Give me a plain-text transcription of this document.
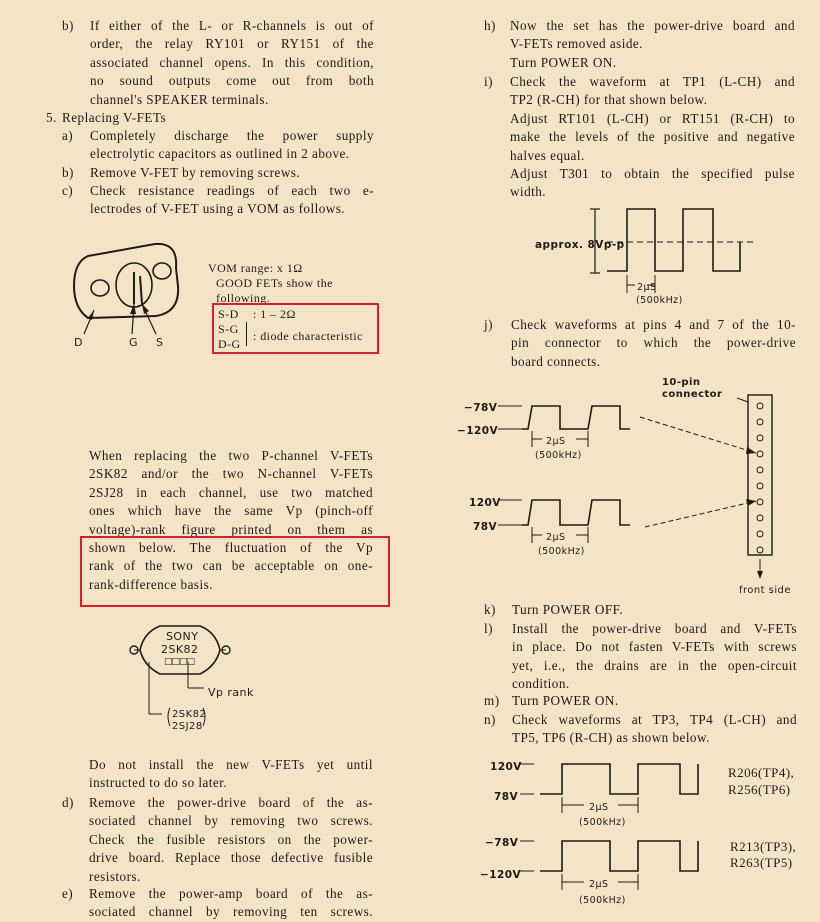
b) If either of the L- or R-channels is out of
order, the relay RY101 or RY151 of the
associated channel opens. In this condition,
no sound outputs come out from both
channel's SPEAKER terminals.
5. Replacing V-FETs
a) Completely discharge the power supply
electrolytic capacitors as outlined in 2 above.
b) Remove V-FET by removing screws.
c) Check resistance readings of each two e-
lectrodes of V-FET using a VOM as follows.
D	G S
VOM range: x 1Ω
GOOD FETs show the
following.
S-D : 1 – 2Ω
S-G
D-G
: diode characteristic
When replacing the two P-channel V-FETs
2SK82 and/or the two N-channel V-FETs
2SJ28 in each channel, use two matched
ones which have the same Vp (pinch-off
voltage)-rank figure printed on them as
shown below. The fluctuation of the Vp
rank of the two can be acceptable on one-
rank-difference basis.
SONY
2SK82
□□□□
Vp rank
2SK82
2SJ28
Do not install the new V-FETs yet until
instructed to do so later.
d) Remove the power-drive board of the as-
sociated channel by removing two screws.
Check the fusible resistors on the power-
drive board. Replace those defective fusible
resistors.
e) Remove the power-amp board of the as-
sociated channel by removing ten screws.
h) Now the set has the power-drive board and
V-FETs removed aside.
Turn POWER ON.
i) Check the waveform at TP1 (L-CH) and
TP2 (R-CH) for that shown below.
Adjust RT101 (L-CH) or RT151 (R-CH) to
make the levels of the positive and negative
halves equal.
Adjust T301 to obtain the specified pulse
width.
approx. 8Vp-p
2μS
(500kHz)
j) Check waveforms at pins 4 and 7 of the 10-
pin connector to which the power-drive
board connects.
10-pin
connector
−78V
−120V
2μS
(500kHz)
120V
78V
2μS
(500kHz)
front side
k) Turn POWER OFF.
l) Install the power-drive board and V-FETs
in place. Do not fasten V-FETs with screws
yet, i.e., the drains are in the open-circuit
condition.
m) Turn POWER ON.
n) Check waveforms at TP3, TP4 (L-CH) and
TP5, TP6 (R-CH) as shown below.
120V
78V
2μS
(500kHz)
R206(TP4),
R256(TP6)
−78V
−120V
2μS
(500kHz)
R213(TP3),
R263(TP5)
